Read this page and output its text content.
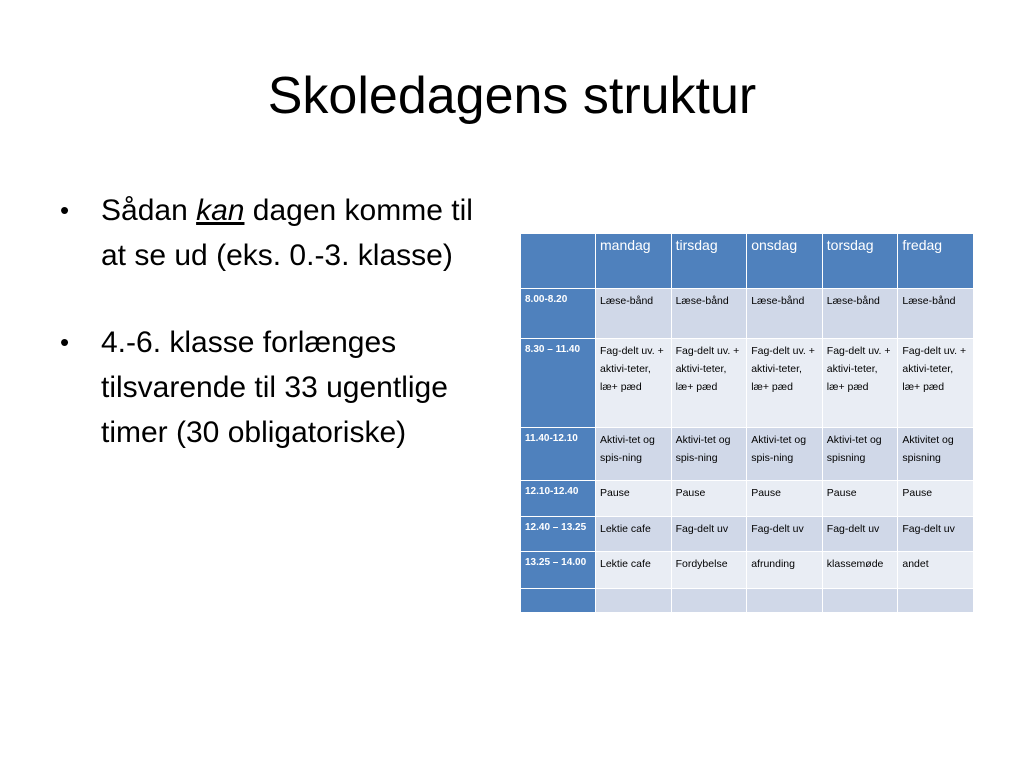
Skoledagens struktur
• Sådan kan dagen komme til at se ud (eks. 0.-3. klasse)
• 4.-6. klasse forlænges tilsvarende til 33 ugentlige timer (30 obligatoriske)
	mandag	tirsdag	onsdag	torsdag	fredag
8.00-8.20	Læse-bånd	Læse-bånd	Læse-bånd	Læse-bånd	Læse-bånd
8.30 – 11.40	Fag-delt uv. + aktivi-teter, læ+ pæd	Fag-delt uv. + aktivi-teter, læ+ pæd	Fag-delt uv. + aktivi-teter, læ+ pæd	Fag-delt uv. + aktivi-teter, læ+ pæd	Fag-delt uv. + aktivi-teter, læ+ pæd
11.40-12.10	Aktivi-tet og spis-ning	Aktivi-tet og spis-ning	Aktivi-tet og spis-ning	Aktivi-tet og spisning	Aktivitet og spisning
12.10-12.40	Pause	Pause	Pause	Pause	Pause
12.40 – 13.25	Lektie cafe	Fag-delt uv	Fag-delt uv	Fag-delt uv	Fag-delt uv
13.25 – 14.00	Lektie cafe	Fordybelse	afrunding	klassemøde	andet
